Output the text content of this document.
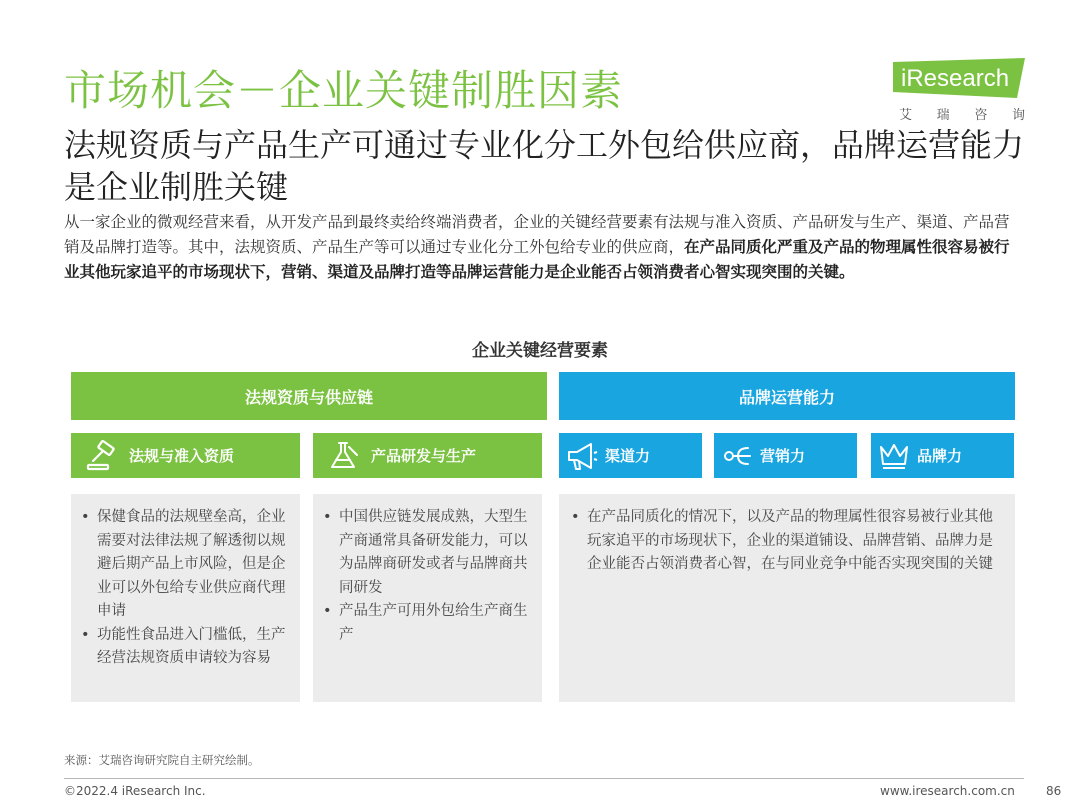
市场机会－企业关键制胜因素
法规资质与产品生产可通过专业化分工外包给供应商，品牌运营能力是企业制胜关键
iResearch
艾 瑞 咨 询

从一家企业的微观经营来看，从开发产品到最终卖给终端消费者，企业的关键经营要素有法规与准入资质、产品研发与生产、渠道、产品营销及品牌打造等。其中，法规资质、产品生产等可以通过专业化分工外包给专业的供应商，在产品同质化严重及产品的物理属性很容易被行业其他玩家追平的市场现状下，营销、渠道及品牌打造等品牌运营能力是企业能否占领消费者心智实现突围的关键。

企业关键经营要素
法规资质与供应链	品牌运营能力
法规与准入资质	产品研发与生产	渠道力	营销力	品牌力
• 保健食品的法规壁垒高，企业需要对法律法规了解透彻以规避后期产品上市风险，但是企业可以外包给专业供应商代理申请
• 功能性食品进入门槛低，生产经营法规资质申请较为容易
• 中国供应链发展成熟，大型生产商通常具备研发能力，可以为品牌商研发或者与品牌商共同研发
• 产品生产可用外包给生产商生产
• 在产品同质化的情况下，以及产品的物理属性很容易被行业其他玩家追平的市场现状下，企业的渠道铺设、品牌营销、品牌力是企业能否占领消费者心智，在与同业竞争中能否实现突围的关键
来源：艾瑞咨询研究院自主研究绘制。
©2022.4 iResearch Inc.	www.iresearch.com.cn	86
